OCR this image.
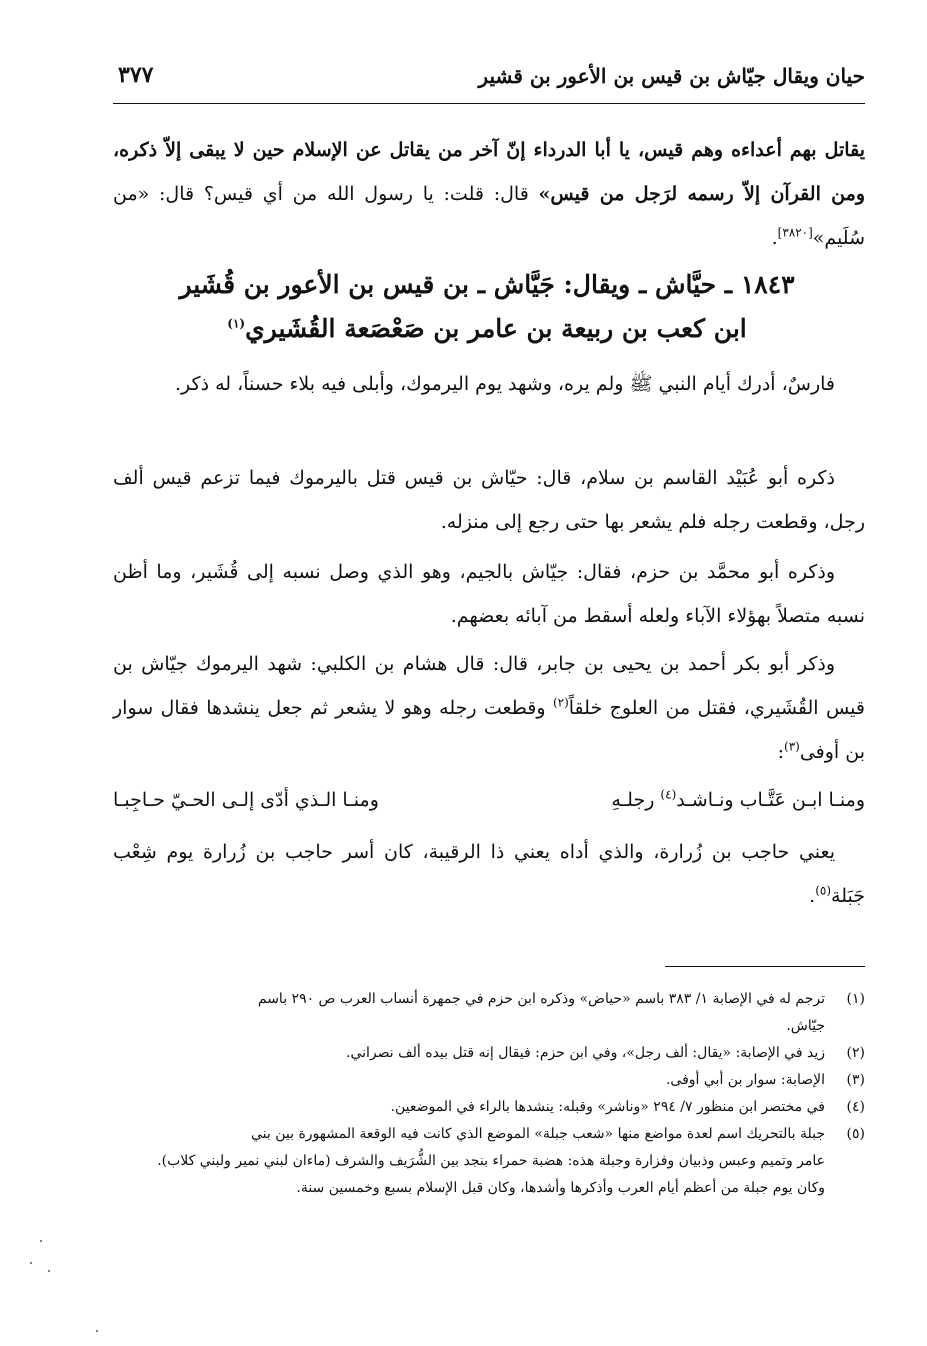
حيان ويقال جيّاش بن قيس بن الأعور بن قشير
٣٧٧
يقاتل بهم أعداءه وهم قيس، يا أبا الدرداء إنّ آخر من يقاتل عن الإسلام حين لا يبقى إلاّ ذكره، ومن القرآن إلاّ رسمه لرَجل من قيس» قال: قلت: يا رسول الله من أي قيس؟ قال: «من سُلَيم»[٣٨٢٠].
١٨٤٣ ـ حيَّاش ـ ويقال: جَيَّاش ـ بن قيس بن الأعور بن قُشَير
ابن كعب بن ربيعة بن عامر بن صَعْصَعة القُشَيري$^{(١)}$
فارسٌ، أدرك أيام النبي ﷺ ولم يره، وشهد يوم اليرموك، وأبلى فيه بلاء حسناً، له ذكر.
ذكره أبو عُبَيْد القاسم بن سلام، قال: حيّاش بن قيس قتل باليرموك فيما تزعم قيس ألف رجل، وقطعت رجله فلم يشعر بها حتى رجع إلى منزله.
وذكره أبو محمَّد بن حزم، فقال: جيّاش بالجيم، وهو الذي وصل نسبه إلى قُشَير، وما أظن نسبه متصلاً بهؤلاء الآباء ولعله أسقط من آبائه بعضهم.
وذكر أبو بكر أحمد بن يحيى بن جابر، قال: قال هشام بن الكلبي: شهد اليرموك جيّاش بن قيس القُشَيري، فقتل من العلوج خلقاً$^{(٢)}$ وقطعت رجله وهو لا يشعر ثم جعل ينشدها فقال سوار بن أوفى$^{(٣)}$:
ومنـا ابـن عَتَّـاب ونـاشـد$^{(٤)}$ رجلـهِ
ومنـا الـذي أدّى إلـى الحـيّ حـاجِبـا
يعني حاجب بن زُرارة، والذي أداه يعني ذا الرقيبة، كان أسر حاجب بن زُرارة يوم شِعْب جَبَلة$^{(٥)}$.
(١)
ترجم له في الإصابة ١/ ٣٨٣ باسم «حياض» وذكره ابن حزم في جمهرة أنساب العرب ص ٢٩٠ باسم
جيّاش.
(٢)
زيد في الإصابة: «يقال: ألف رجل»، وفي ابن حزم: فيقال إنه قتل بيده ألف نصراني.
(٣)
الإصابة: سوار بن أبي أوفى.
(٤)
في مختصر ابن منظور ٧/ ٢٩٤ «وناشر» وقبله: ينشدها بالراء في الموضعين.
(٥)
جبلة بالتحريك اسم لعدة مواضع منها «شعب جبلة» الموضع الذي كانت فيه الوقعة المشهورة بين بني
عامر وتميم وعبس وذبيان وفزارة وجبلة هذه: هضبة حمراء بنجد بين الشُّرَيف والشرف (ماءان لبني نمير ولبني كلاب).
وكان يوم جبلة من أعظم أيام العرب وأذكرها وأشدها، وكان قبل الإسلام بسبع وخمسين سنة.
